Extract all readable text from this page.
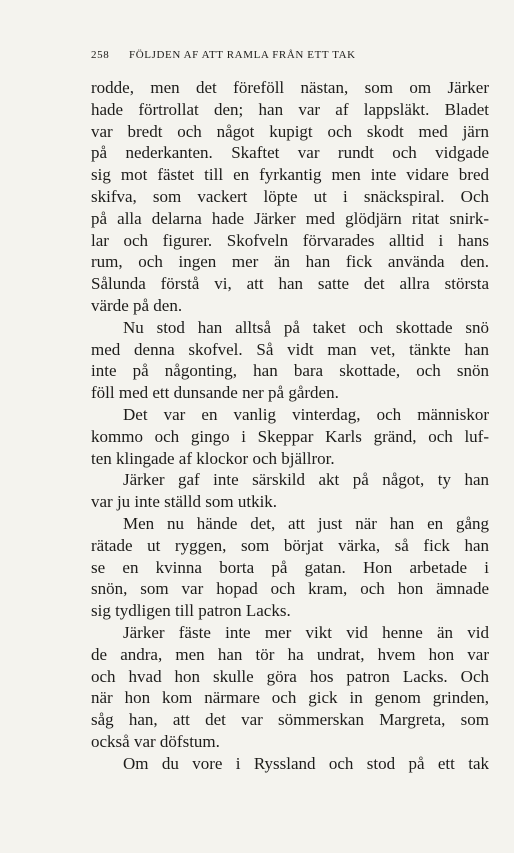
258 FÖLJDEN AF ATT RAMLA FRÅN ETT TAK
rodde, men det föreföll nästan, som om Järker
hade förtrollat den; han var af lappsläkt. Bladet
var bredt och något kupigt och skodt med järn
på nederkanten. Skaftet var rundt och vidgade
sig mot fästet till en fyrkantig men inte vidare bred
skifva, som vackert löpte ut i snäckspiral. Och
på alla delarna hade Järker med glödjärn ritat snirk-
lar och figurer. Skofveln förvarades alltid i hans
rum, och ingen mer än han fick använda den.
Sålunda förstå vi, att han satte det allra största
värde på den.
Nu stod han alltså på taket och skottade snö
med denna skofvel. Så vidt man vet, tänkte han
inte på någonting, han bara skottade, och snön
föll med ett dunsande ner på gården.
Det var en vanlig vinterdag, och människor
kommo och gingo i Skeppar Karls gränd, och luf-
ten klingade af klockor och bjällror.
Järker gaf inte särskild akt på något, ty han
var ju inte ställd som utkik.
Men nu hände det, att just när han en gång
rätade ut ryggen, som börjat värka, så fick han
se en kvinna borta på gatan. Hon arbetade i
snön, som var hopad och kram, och hon ämnade
sig tydligen till patron Lacks.
Järker fäste inte mer vikt vid henne än vid
de andra, men han tör ha undrat, hvem hon var
och hvad hon skulle göra hos patron Lacks. Och
när hon kom närmare och gick in genom grinden,
såg han, att det var sömmerskan Margreta, som
också var döfstum.
Om du vore i Ryssland och stod på ett tak
